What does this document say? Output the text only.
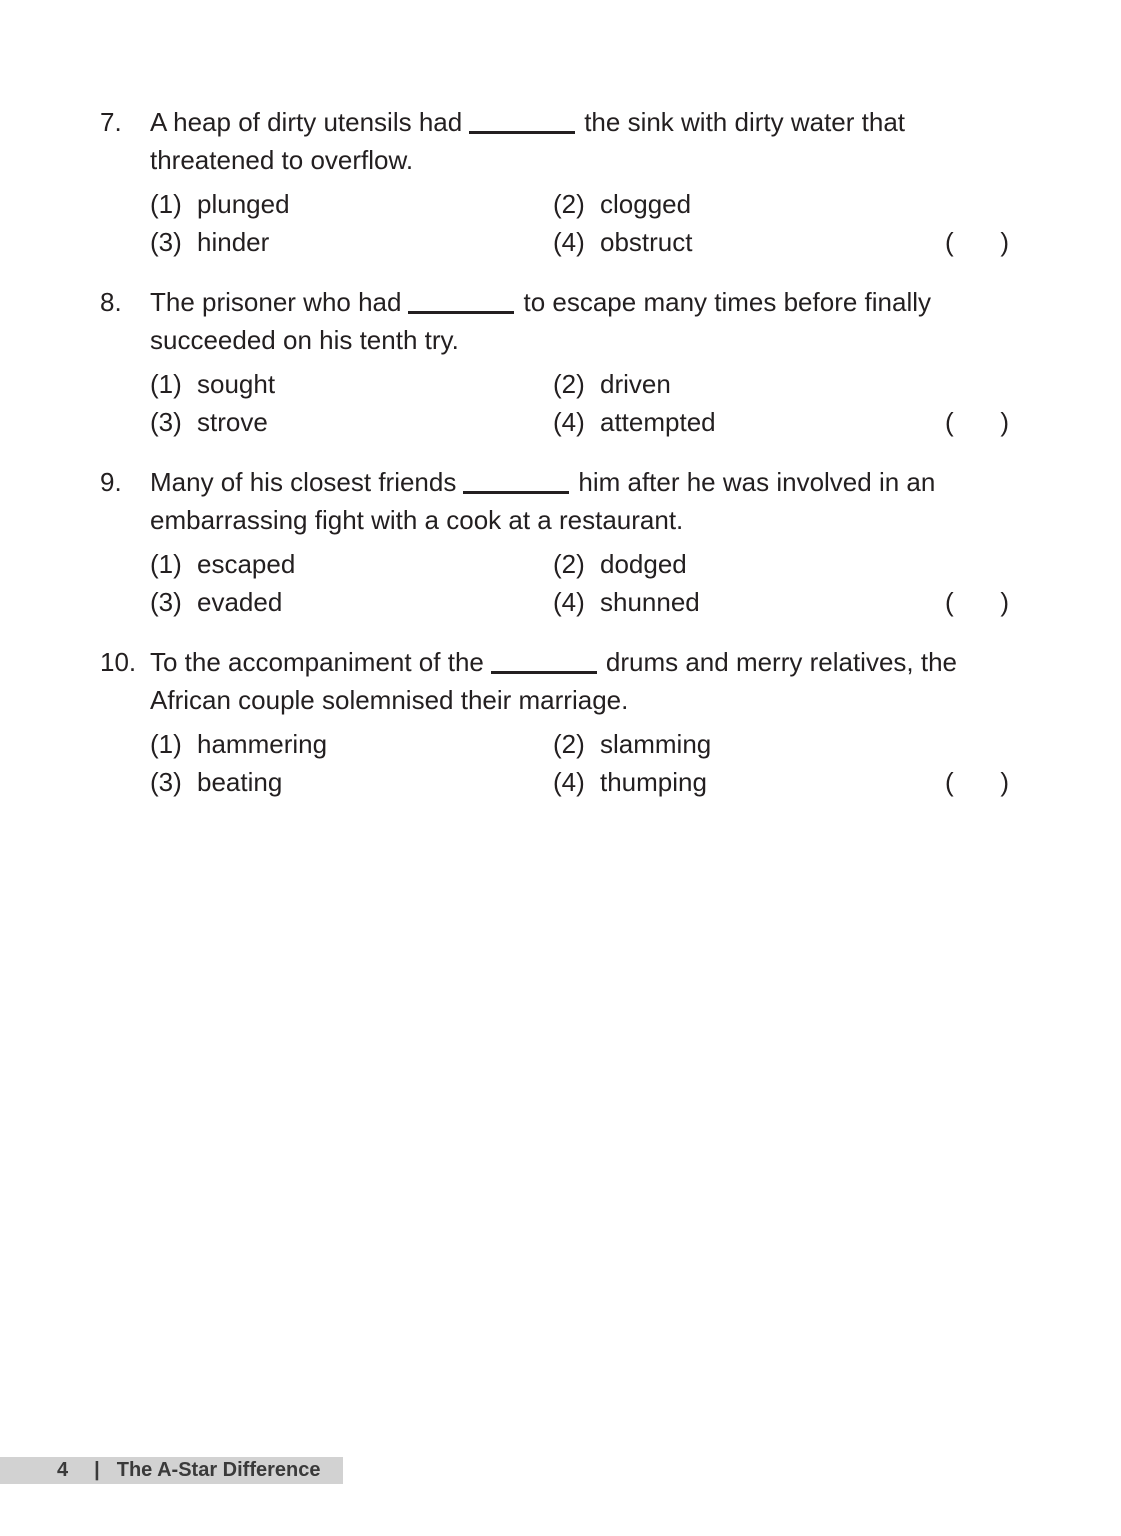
7.	A heap of dirty utensils had	the sink with dirty water that
threatened to overflow.
(1) plunged	(2) clogged
(3) hinder	(4) obstruct	( )
8.	The prisoner who had	to escape many times before finally
succeeded on his tenth try.
(1) sought	(2) driven
(3) strove	(4) attempted	( )
9.	Many of his closest friends	him after he was involved in an
embarrassing fight with a cook at a restaurant.
(1) escaped	(2) dodged
(3) evaded	(4) shunned	( )
10. To the accompaniment of the	drums and merry relatives, the
African couple solemnised their marriage.
(1) hammering	(2) slamming
(3) beating	(4) thumping	( )
4 | The A-Star Difference
